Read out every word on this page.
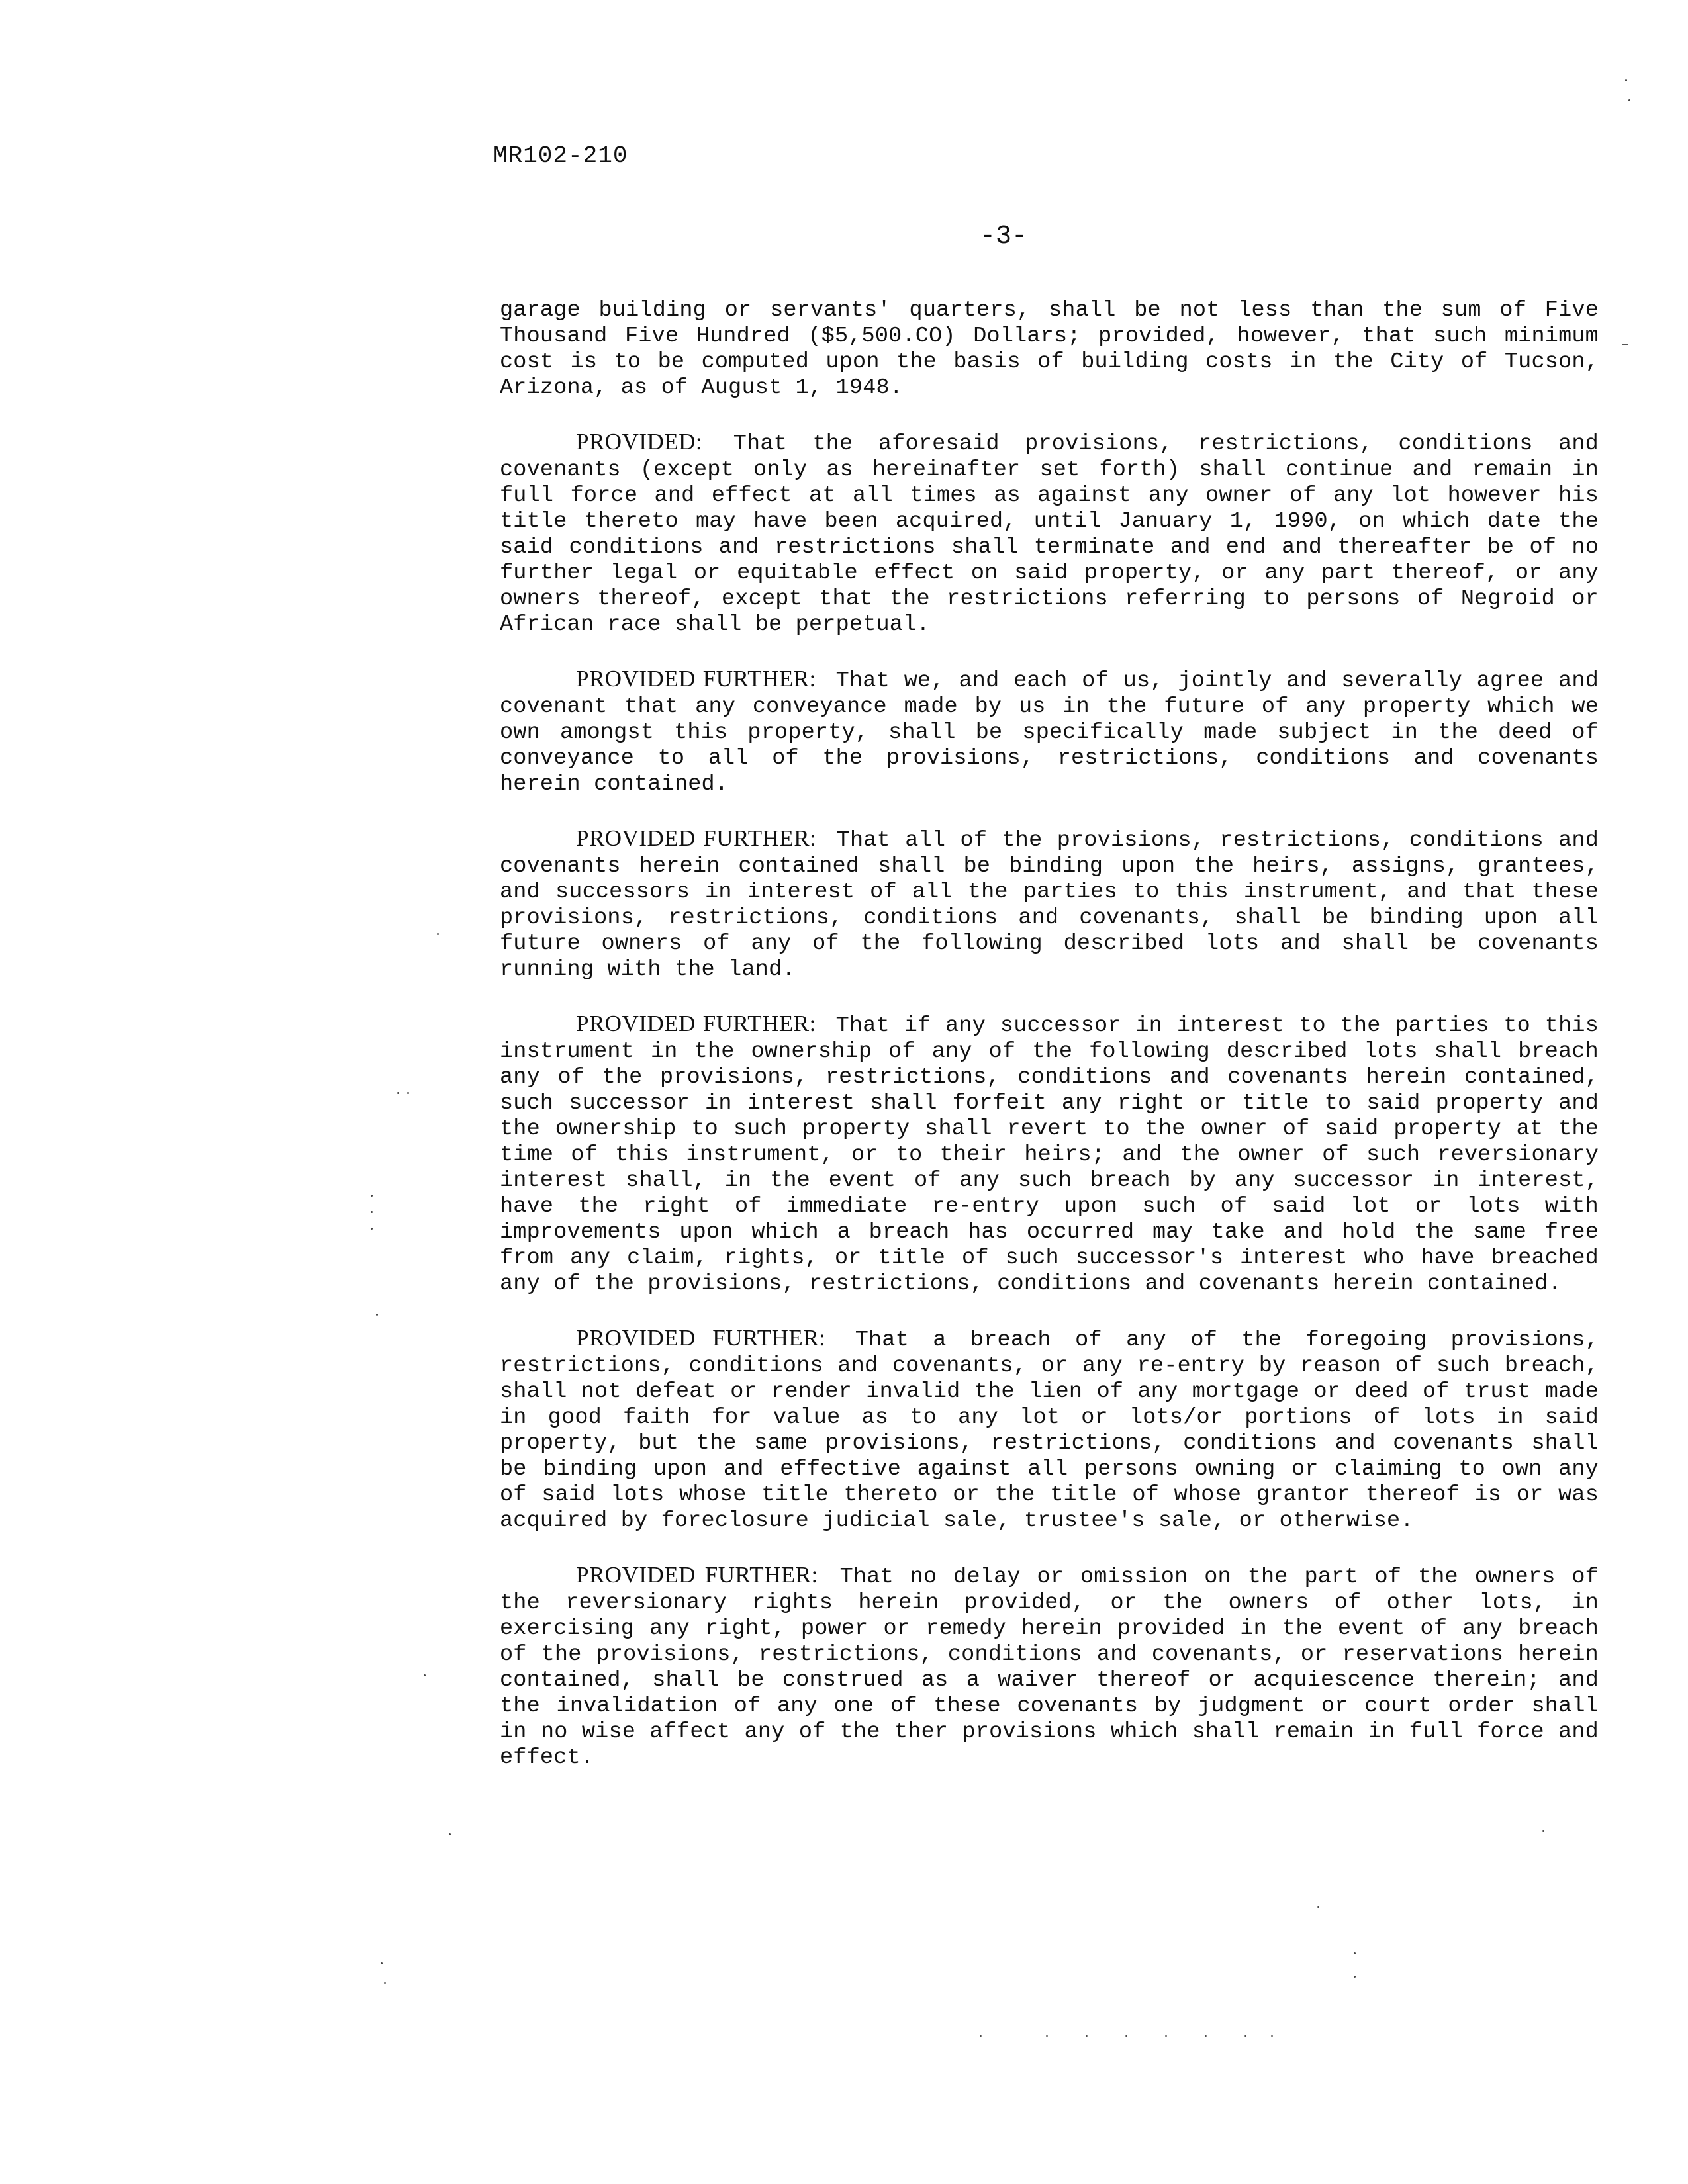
MR102-210
-3-

garage building or servants' quarters, shall be not less than the sum of Five Thousand Five Hundred ($5,500.CO) Dollars; provided, however, that such minimum cost is to be computed upon the basis of building costs in the City of Tucson, Arizona, as of August 1, 1948.

PROVIDED: That the aforesaid provisions, restrictions, conditions and covenants (except only as hereinafter set forth) shall continue and remain in full force and effect at all times as against any owner of any lot however his title thereto may have been acquired, until January 1, 1990, on which date the said conditions and restrictions shall terminate and end and thereafter be of no further legal or equitable effect on said property, or any part thereof, or any owners thereof, except that the restrictions referring to persons of Negroid or African race shall be perpetual.

PROVIDED FURTHER: That we, and each of us, jointly and severally agree and covenant that any conveyance made by us in the future of any property which we own amongst this property, shall be specifically made subject in the deed of conveyance to all of the provisions, restrictions, conditions and covenants herein contained.

PROVIDED FURTHER: That all of the provisions, restrictions, conditions and covenants herein contained shall be binding upon the heirs, assigns, grantees, and successors in interest of all the parties to this instrument, and that these provisions, restrictions, conditions and covenants, shall be binding upon all future owners of any of the following described lots and shall be covenants running with the land.

PROVIDED FURTHER: That if any successor in interest to the parties to this instrument in the ownership of any of the following described lots shall breach any of the provisions, restrictions, conditions and covenants herein contained, such successor in interest shall forfeit any right or title to said property and the ownership to such property shall revert to the owner of said property at the time of this instrument, or to their heirs; and the owner of such reversionary interest shall, in the event of any such breach by any successor in interest, have the right of immediate re-entry upon such of said lot or lots with improvements upon which a breach has occurred may take and hold the same free from any claim, rights, or title of such successor's interest who have breached any of the provisions, restrictions, conditions and covenants herein contained.

PROVIDED FURTHER: That a breach of any of the foregoing provisions, restrictions, conditions and covenants, or any re-entry by reason of such breach, shall not defeat or render invalid the lien of any mortgage or deed of trust made in good faith for value as to any lot or lots/or portions of lots in said property, but the same provisions, restrictions, conditions and covenants shall be binding upon and effective against all persons owning or claiming to own any of said lots whose title thereto or the title of whose grantor thereof is or was acquired by foreclosure judicial sale, trustee's sale, or otherwise.

PROVIDED FURTHER: That no delay or omission on the part of the owners of the reversionary rights herein provided, or the owners of other lots, in exercising any right, power or remedy herein provided in the event of any breach of the provisions, restrictions, conditions and covenants, or reservations herein contained, shall be construed as a waiver thereof or acquiescence therein; and the invalidation of any one of these covenants by judgment or court order shall in no wise affect any of the ther provisions which shall remain in full force and effect.
